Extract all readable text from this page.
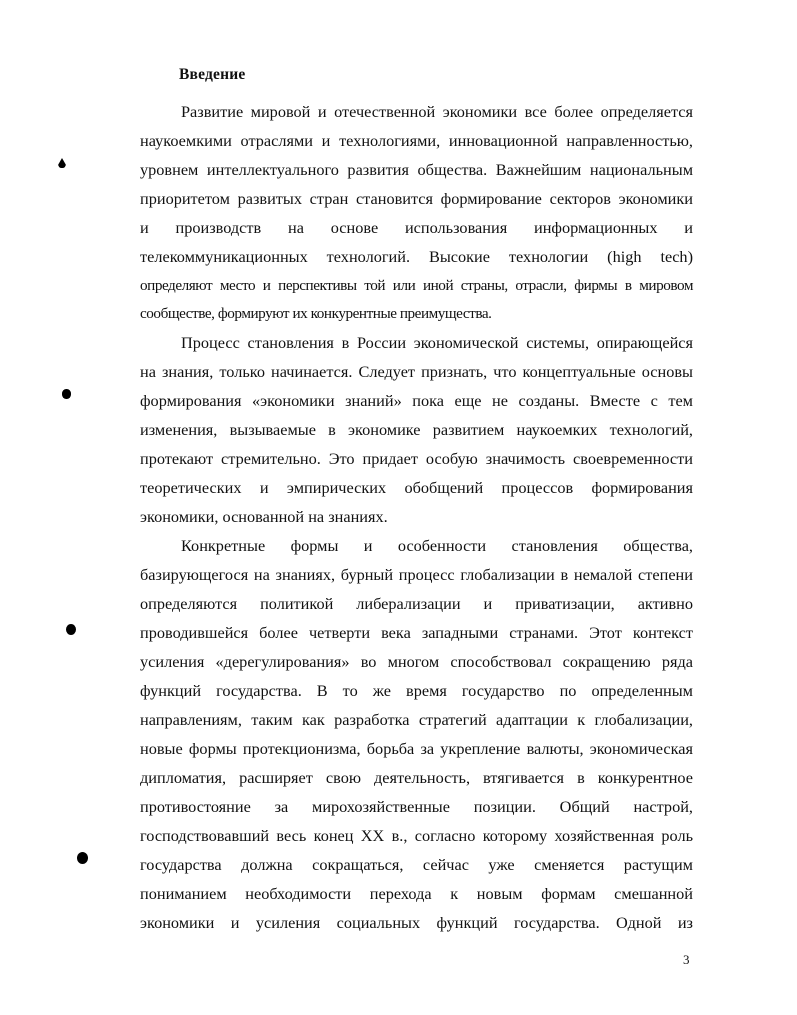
Введение
Развитие мировой и отечественной экономики все более определяется
наукоемкими отраслями и технологиями, инновационной направленностью,
уровнем интеллектуального развития общества. Важнейшим национальным
приоритетом развитых стран становится формирование секторов экономики
и производств на основе использования информационных и
телекоммуникационных технологий. Высокие технологии (high tech)
определяют место и перспективы той или иной страны, отрасли, фирмы в мировом
сообществе, формируют их конкурентные преимущества.
Процесс становления в России экономической системы, опирающейся
на знания, только начинается. Следует признать, что концептуальные основы
формирования «экономики знаний» пока еще не созданы. Вместе с тем
изменения, вызываемые в экономике развитием наукоемких технологий,
протекают стремительно. Это придает особую значимость своевременности
теоретических и эмпирических обобщений процессов формирования
экономики, основанной на знаниях.
Конкретные формы и особенности становления общества,
базирующегося на знаниях, бурный процесс глобализации в немалой степени
определяются политикой либерализации и приватизации, активно
проводившейся более четверти века западными странами. Этот контекст
усиления «дерегулирования» во многом способствовал сокращению ряда
функций государства. В то же время государство по определенным
направлениям, таким как разработка стратегий адаптации к глобализации,
новые формы протекционизма, борьба за укрепление валюты, экономическая
дипломатия, расширяет свою деятельность, втягивается в конкурентное
противостояние за мирохозяйственные позиции. Общий настрой,
господствовавший весь конец XX в., согласно которому хозяйственная роль
государства должна сокращаться, сейчас уже сменяется растущим
пониманием необходимости перехода к новым формам смешанной
экономики и усиления социальных функций государства. Одной из
3
